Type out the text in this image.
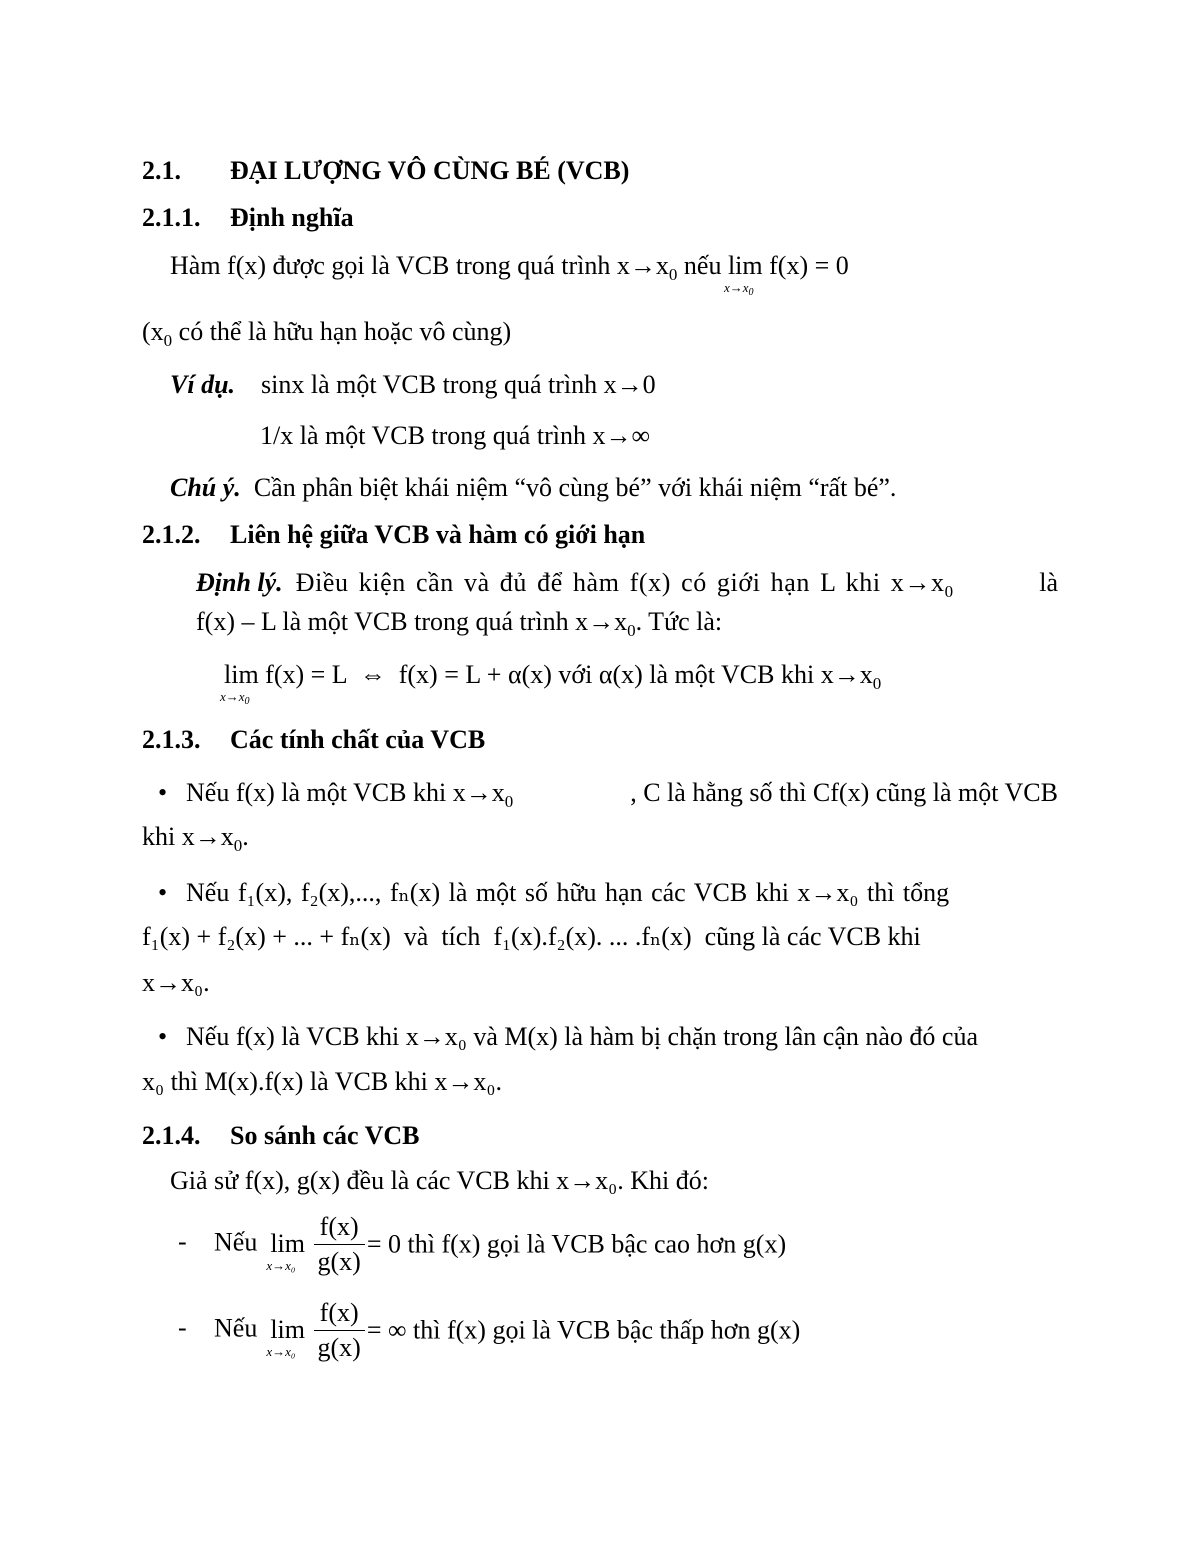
2.1. ĐẠI LƯỢNG VÔ CÙNG BÉ (VCB)
2.1.1. Định nghĩa
Hàm f(x) được gọi là VCB trong quá trình $x\to x_0$ nếu lim
$x\to x_0$
f(x) = 0
($x_0$ có thể là hữu hạn hoặc vô cùng)
Ví dụ. sinx là một VCB trong quá trình x→0
1/x là một VCB trong quá trình x→∞
Chú ý. Cần phân biệt khái niệm “vô cùng bé” với khái niệm “rất bé”.
2.1.2. Liên hệ giữa VCB và hàm có giới hạn
Định lý. Điều kiện cần và đủ để hàm f(x) có giới hạn L khi $x\to x_0$	là
f(x) – L là một VCB trong quá trình $x\to x_0$. Tức là:
lim
$x\to x_0$
f(x) = L  ⇔  f(x) = L + α(x) với α(x) là một VCB khi $x\to x_0$
2.1.3. Các tính chất của VCB
• Nếu f(x) là một VCB khi $x\to x_0$	, C là hằng số thì Cf(x) cũng là một VCB
khi $x\to x_0$.
• Nếu f₁(x), f₂(x),..., fₙ(x) là một số hữu hạn các VCB khi x→x₀ thì tổng
f₁(x) + f₂(x) + ... + fₙ(x)  và  tích  f₁(x).f₂(x). ... .fₙ(x)  cũng là các VCB khi
x→x₀.
• Nếu f(x) là VCB khi x→x₀ và M(x) là hàm bị chặn trong lân cận nào đó của
x₀ thì M(x).f(x) là VCB khi x→x₀.
2.1.4. So sánh các VCB
Giả sử f(x), g(x) đều là các VCB khi x→x₀. Khi đó:
- Nếu lim
x→x₀
$\frac{f(x)}{g(x)} = 0$ thì f(x) gọi là VCB bậc cao hơn g(x)
- Nếu lim
x→x₀
$\frac{f(x)}{g(x)}$ = ∞ thì f(x) gọi là VCB bậc thấp hơn g(x)
